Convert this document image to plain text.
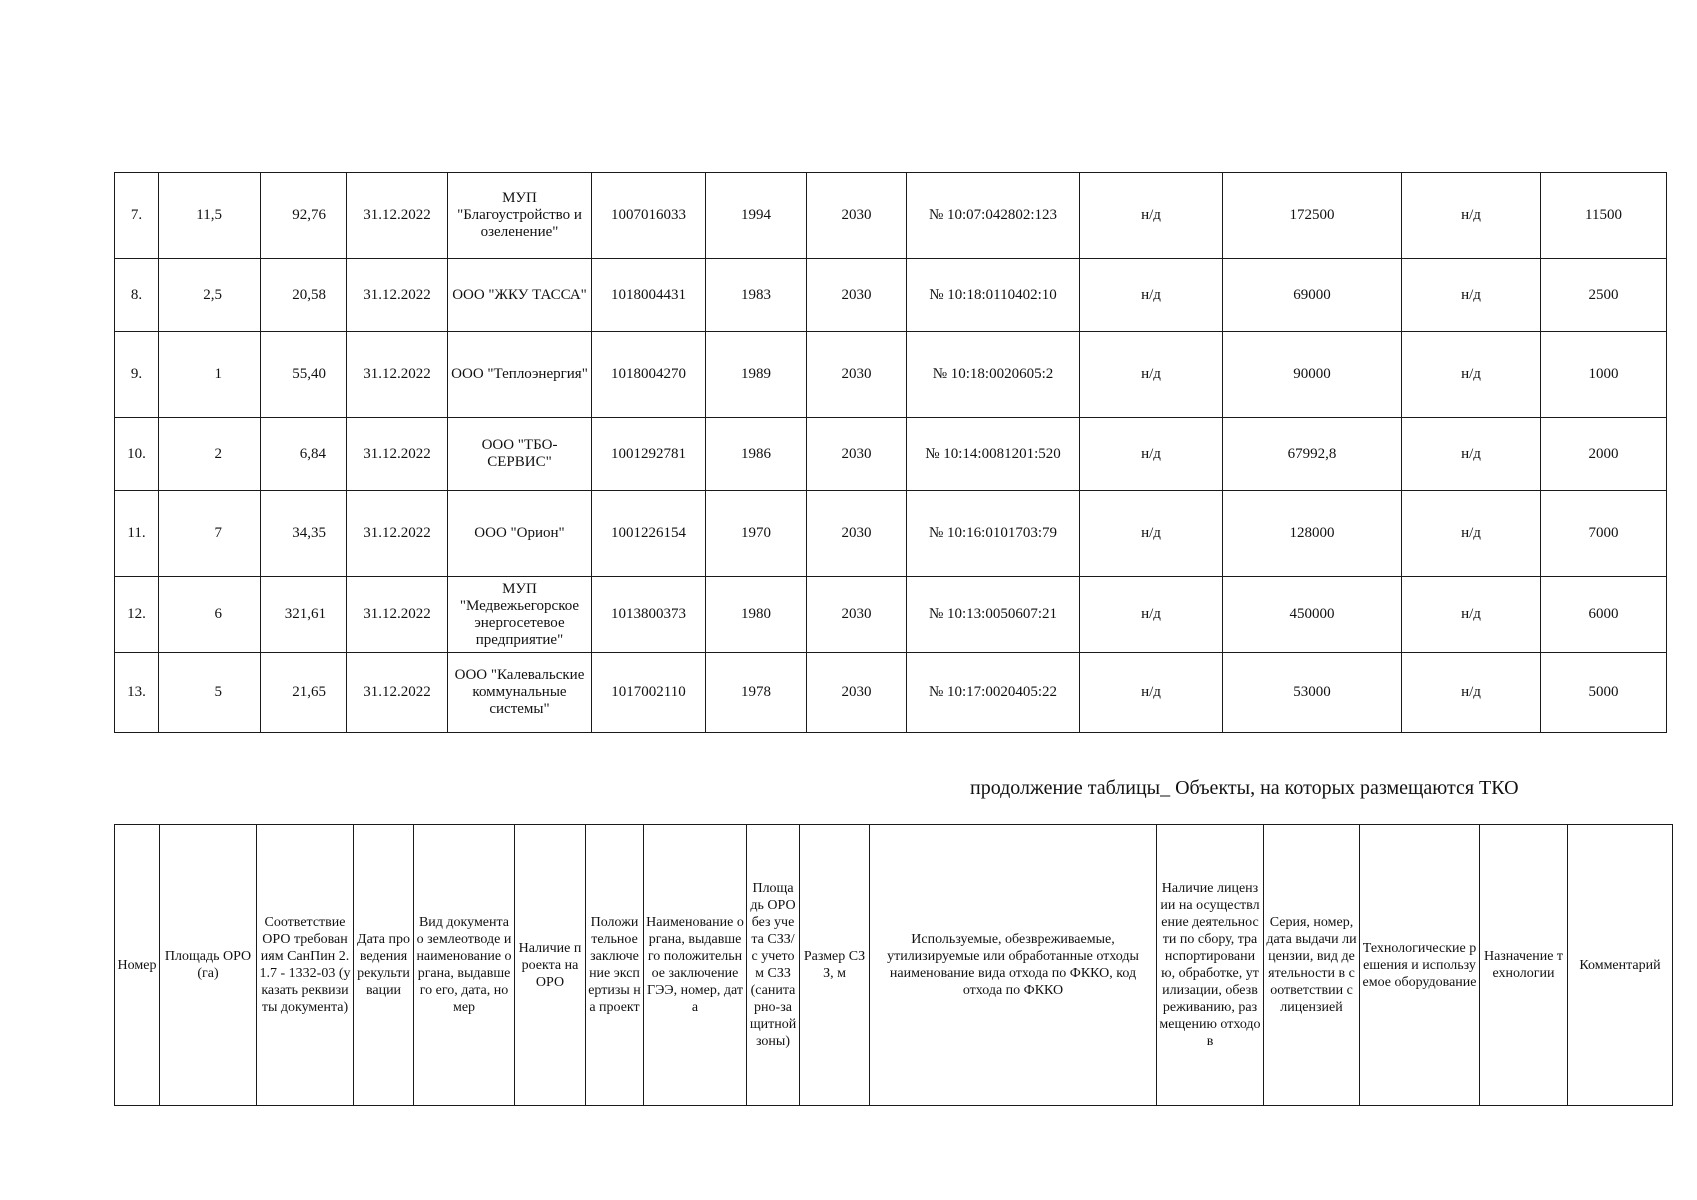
7.	11,5	92,76	31.12.2022	МУП "Благоустройство и озеленение"	1007016033	1994	2030	№ 10:07:042802:123	н/д	172500	н/д	11500
8.	2,5	20,58	31.12.2022	ООО "ЖКУ ТАССА"	1018004431	1983	2030	№ 10:18:0110402:10	н/д	69000	н/д	2500
9.	1	55,40	31.12.2022	ООО "Теплоэнергия"	1018004270	1989	2030	№ 10:18:0020605:2	н/д	90000	н/д	1000
10.	2	6,84	31.12.2022	ООО "ТБО-СЕРВИС"	1001292781	1986	2030	№ 10:14:0081201:520	н/д	67992,8	н/д	2000
11.	7	34,35	31.12.2022	ООО "Орион"	1001226154	1970	2030	№ 10:16:0101703:79	н/д	128000	н/д	7000
12.	6	321,61	31.12.2022	МУП "Медвежьегорское энергосетевое предприятие"	1013800373	1980	2030	№ 10:13:0050607:21	н/д	450000	н/д	6000
13.	5	21,65	31.12.2022	ООО "Калевальские коммунальные системы"	1017002110	1978	2030	№ 10:17:0020405:22	н/д	53000	н/д	5000
продолжение таблицы_ Объекты, на которых размещаются ТКО
Номер	Площадь ОРО (га)	Соответствие ОРО требованиям СанПин 2.1.7 - 1332-03 (указать реквизиты документа)	Дата проведения рекультивации	Вид документа о землеотводе и наименование органа, выдавшего его, дата, номер	Наличие проекта на ОРО	Положительное заключение экспертизы на проект	Наименование органа, выдавшего положительное заключение ГЭЭ, номер, дата	Площадь ОРО без учета СЗЗ/ с учетом СЗЗ (санитарно-защитной зоны)	Размер СЗЗ, м	Используемые, обезвреживаемые, утилизируемые или обработанные отходы наименование вида отхода по ФККО, код отхода по ФККО	Наличие лицензии на осуществление деятельности по сбору, транспортированию, обработке, утилизации, обезвреживанию, размещению отходов	Серия, номер, дата выдачи лицензии, вид деятельности в соответствии с лицензией	Технологические решения и используемое оборудование	Назначение технологии	Комментарий
